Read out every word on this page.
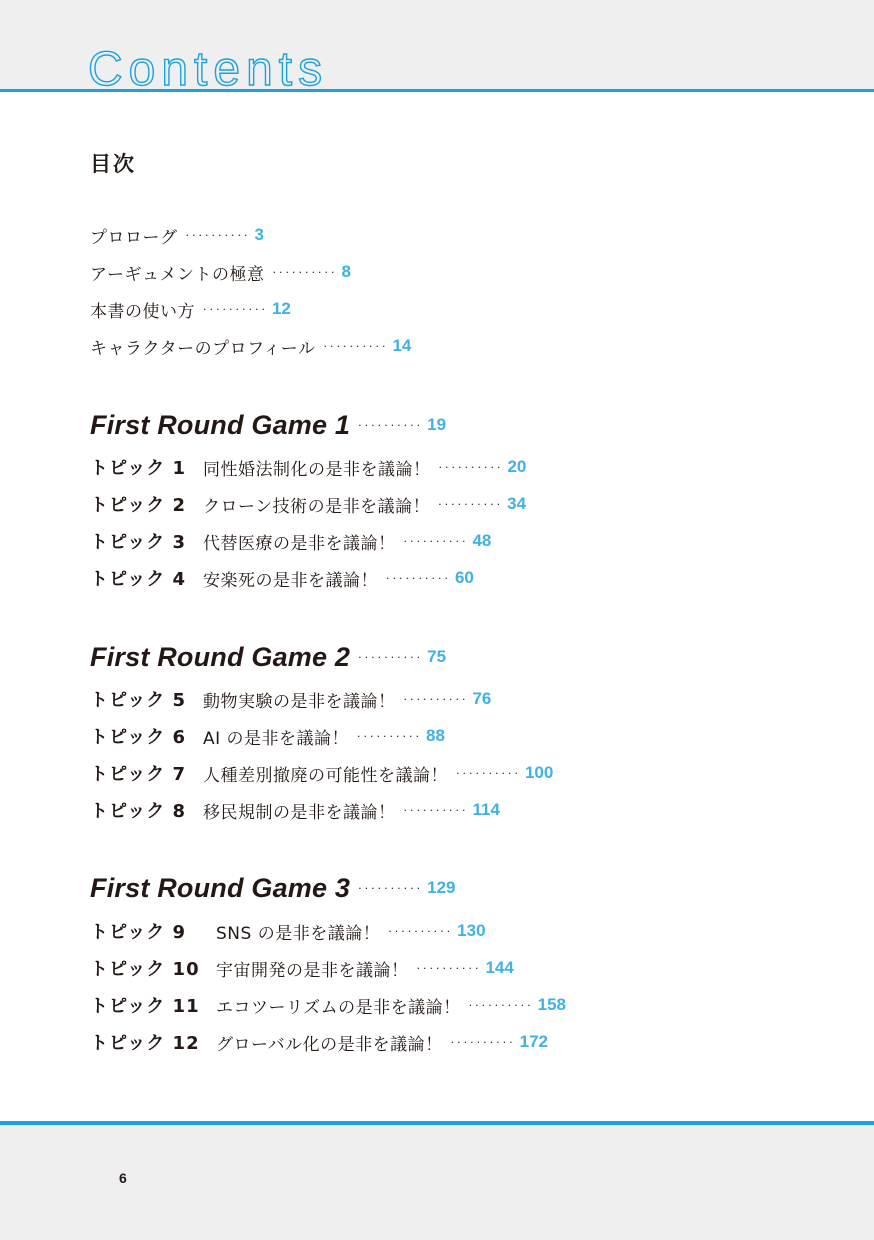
Contents
目次
プロローグ ·········· 3
アーギュメントの極意 ·········· 8
本書の使い方 ·········· 12
キャラクターのプロフィール ·········· 14
First Round Game 1 ·········· 19
トピック 1 同性婚法制化の是非を議論！ ·········· 20
トピック 2 クローン技術の是非を議論！ ·········· 34
トピック 3 代替医療の是非を議論！ ·········· 48
トピック 4 安楽死の是非を議論！ ·········· 60
First Round Game 2 ·········· 75
トピック 5 動物実験の是非を議論！ ·········· 76
トピック 6 AI の是非を議論！ ·········· 88
トピック 7 人種差別撤廃の可能性を議論！ ·········· 100
トピック 8 移民規制の是非を議論！ ·········· 114
First Round Game 3 ·········· 129
トピック 9	SNS の是非を議論！ ·········· 130
トピック 10 宇宙開発の是非を議論！ ·········· 144
トピック 11 エコツーリズムの是非を議論！ ·········· 158
トピック 12 グローバル化の是非を議論！ ·········· 172
6
